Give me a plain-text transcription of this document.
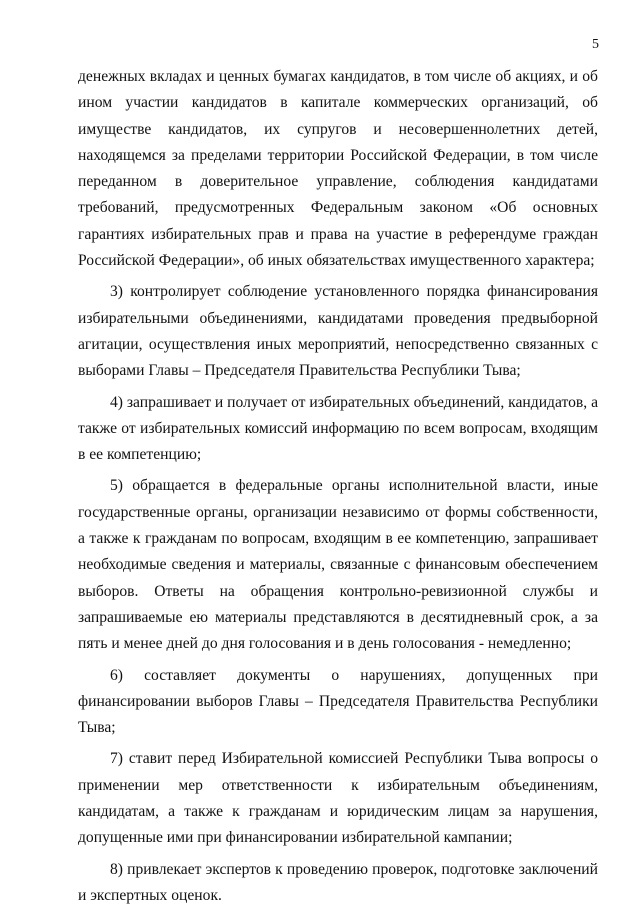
5

денежных вкладах и ценных бумагах кандидатов, в том числе об акциях, и об ином участии кандидатов в капитале коммерческих организаций, об имуществе кандидатов, их супругов и несовершеннолетних детей, находящемся за пределами территории Российской Федерации, в том числе переданном в доверительное управление, соблюдения кандидатами требований, предусмотренных Федеральным законом «Об основных гарантиях избирательных прав и права на участие в референдуме граждан Российской Федерации», об иных обязательствах имущественного характера;

3) контролирует соблюдение установленного порядка финансирования избирательными объединениями, кандидатами проведения предвыборной агитации, осуществления иных мероприятий, непосредственно связанных с выборами Главы – Председателя Правительства Республики Тыва;

4) запрашивает и получает от избирательных объединений, кандидатов, а также от избирательных комиссий информацию по всем вопросам, входящим в ее компетенцию;

5) обращается в федеральные органы исполнительной власти, иные государственные органы, организации независимо от формы собственности, а также к гражданам по вопросам, входящим в ее компетенцию, запрашивает необходимые сведения и материалы, связанные с финансовым обеспечением выборов. Ответы на обращения контрольно-ревизионной службы и запрашиваемые ею материалы представляются в десятидневный срок, а за пять и менее дней до дня голосования и в день голосования - немедленно;

6) составляет документы о нарушениях, допущенных при финансировании выборов Главы – Председателя Правительства Республики Тыва;

7) ставит перед Избирательной комиссией Республики Тыва вопросы о применении мер ответственности к избирательным объединениям, кандидатам, а также к гражданам и юридическим лицам за нарушения, допущенные ими при финансировании избирательной кампании;

8) привлекает экспертов к проведению проверок, подготовке заключений и экспертных оценок.
